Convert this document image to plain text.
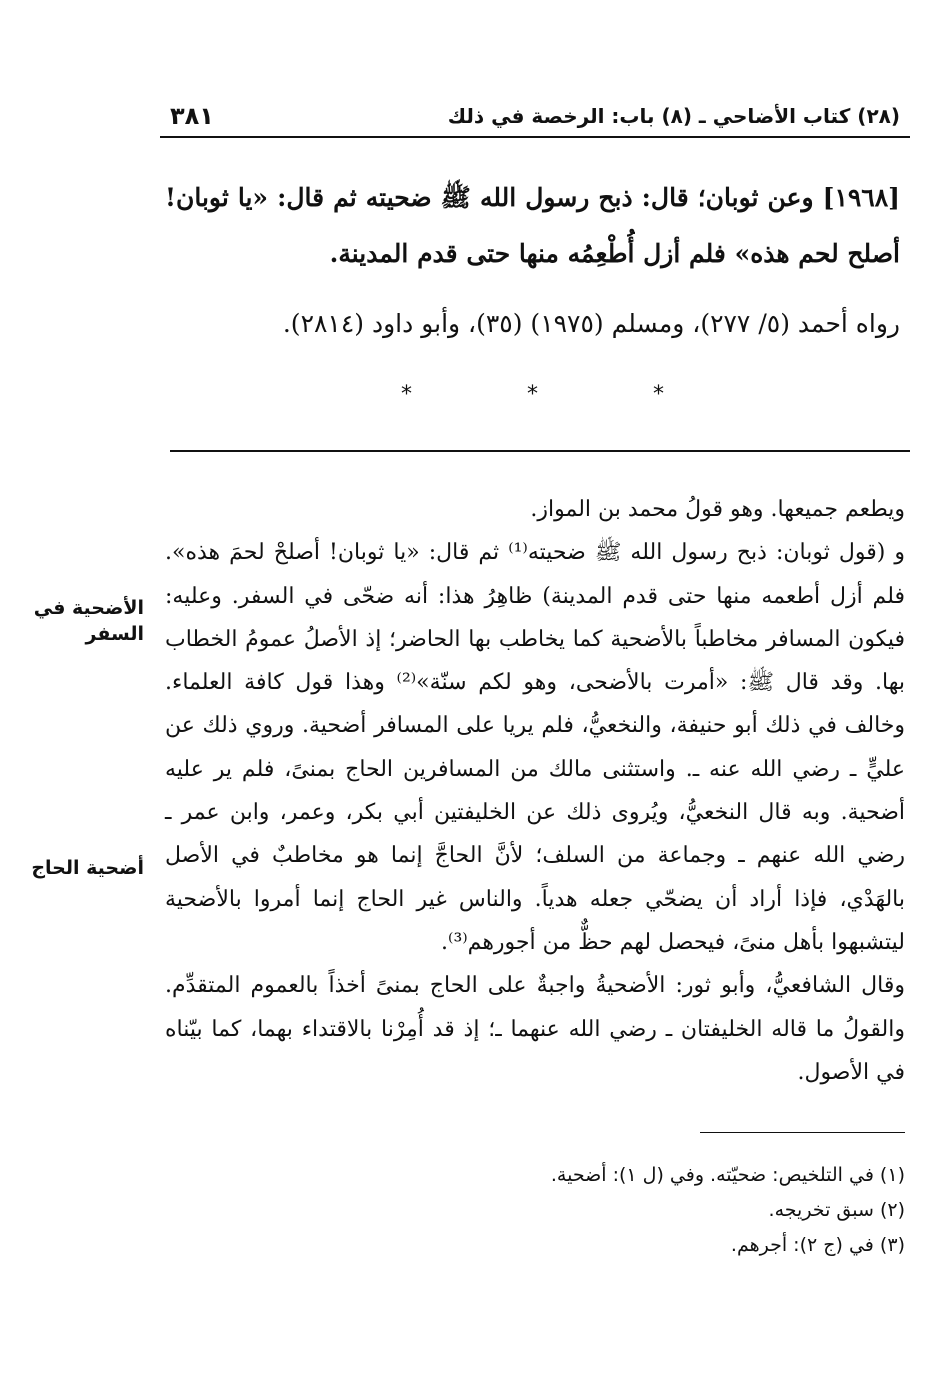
(٢٨) كتاب الأضاحي ـ (٨) باب: الرخصة في ذلك
٣٨١

[١٩٦٨] وعن ثوبان؛ قال: ذبح رسول الله ﷺ ضحيته ثم قال: «يا ثوبان! أصلح لحم هذه» فلم أزل أُطْعِمُه منها حتى قدم المدينة.

رواه أحمد (٥/ ٢٧٧)، ومسلم (١٩٧٥) (٣٥)، وأبو داود (٢٨١٤).

* * *

ويطعم جميعها. وهو قولُ محمد بن المواز.

و (قول ثوبان: ذبح رسول الله ﷺ ضحيته⁽¹⁾ ثم قال: «يا ثوبان! أصلحْ لحمَ هذه». فلم أزل أطعمه منها حتى قدم المدينة) ظاهِرُ هذا: أنه ضحّى في السفر. وعليه: فيكون المسافر مخاطباً بالأضحية كما يخاطب بها الحاضر؛ إذ الأصلُ عمومُ الخطاب بها. وقد قال ﷺ: «أمرت بالأضحى، وهو لكم سنّة»⁽²⁾ وهذا قول كافة العلماء. وخالف في ذلك أبو حنيفة، والنخعيُّ، فلم يريا على المسافر أضحية. وروي ذلك عن عليٍّ ـ رضي الله عنه ـ. واستثنى مالك من المسافرين الحاج بمنىً، فلم ير عليه أضحية. وبه قال النخعيُّ، ويُروى ذلك عن الخليفتين أبي بكر، وعمر، وابن عمر ـ رضي الله عنهم ـ وجماعة من السلف؛ لأنَّ الحاجَّ إنما هو مخاطبٌ في الأصل بالهَدْي، فإذا أراد أن يضحّي جعله هدياً. والناس غير الحاج إنما أمروا بالأضحية ليتشبهوا بأهل منىً، فيحصل لهم حظٌّ من أجورهم⁽³⁾.

وقال الشافعيُّ، وأبو ثور: الأضحيةُ واجبةٌ على الحاج بمنىً أخذاً بالعموم المتقدِّم. والقولُ ما قاله الخليفتان ـ رضي الله عنهما ـ؛ إذ قد أُمِرْنا بالاقتداء بهما، كما بيّناه في الأصول.

الأضحية في السفر
أضحية الحاج
(١) في التلخيص: ضحيّته. وفي (ل ١): أضحية.
(٢) سبق تخريجه.
(٣) في (ج ٢): أجرهم.
